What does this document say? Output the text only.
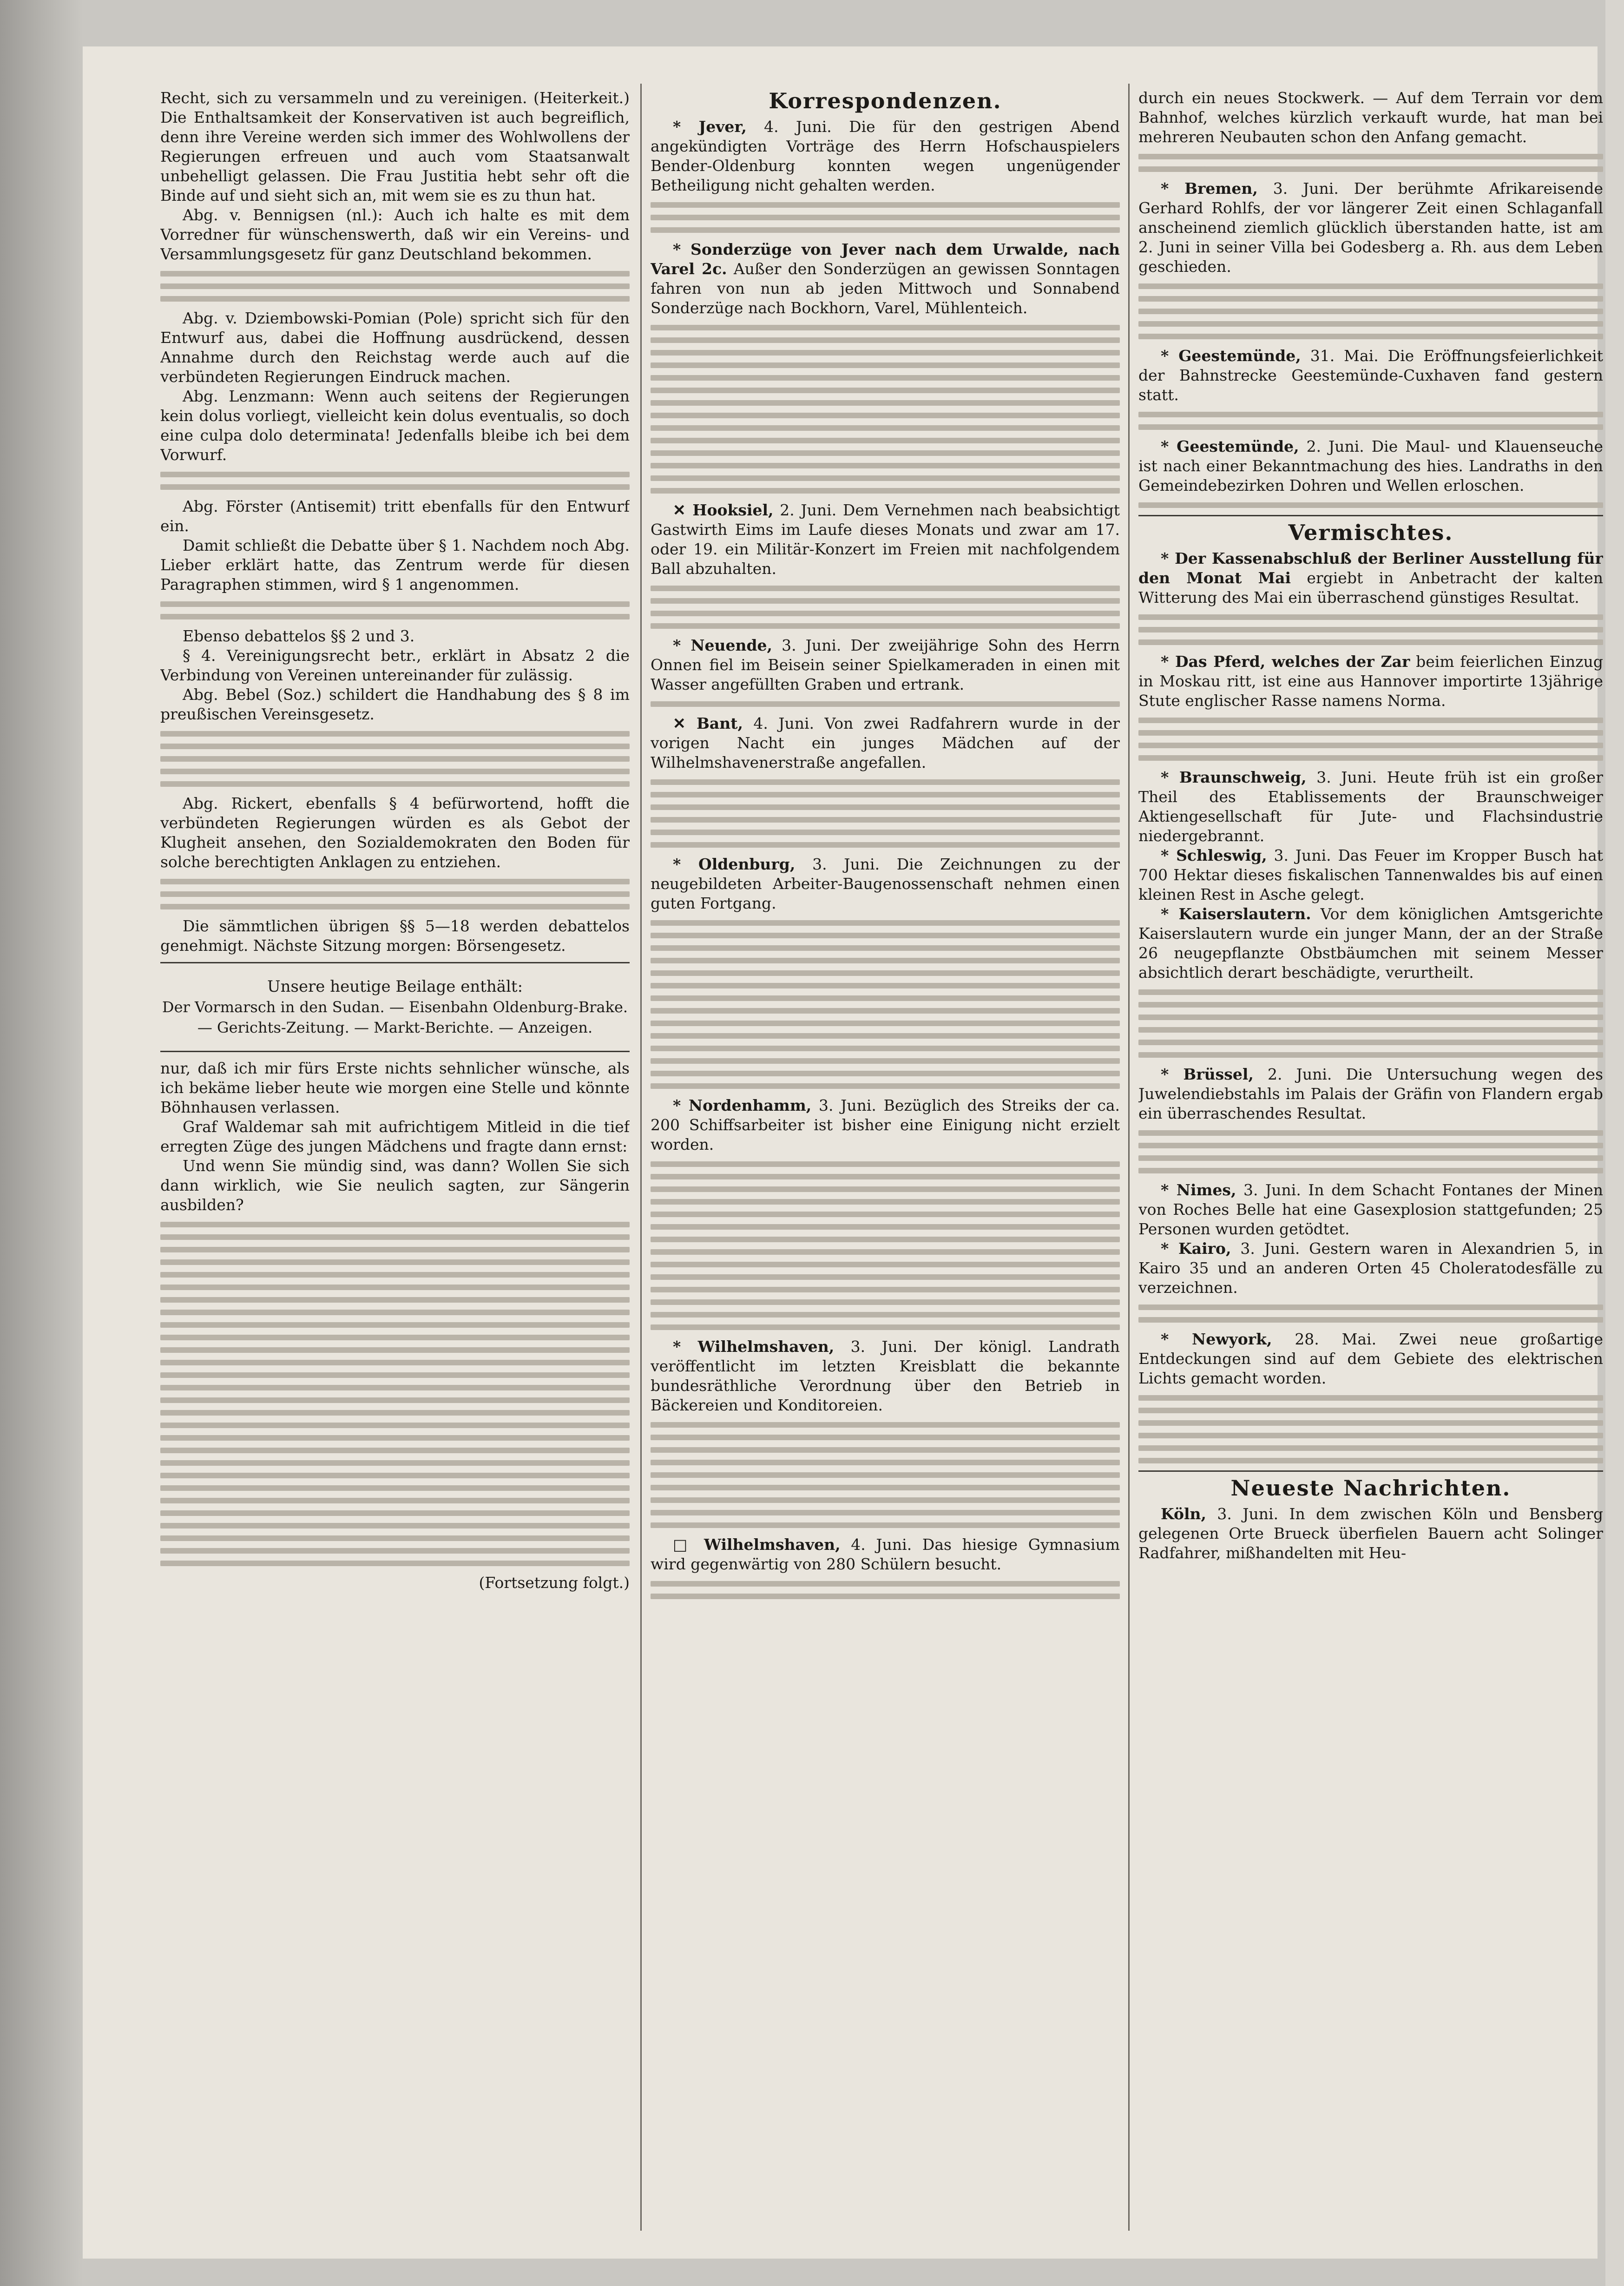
Recht, sich zu versammeln und zu vereinigen. (Heiterkeit.) Die Enthaltsamkeit der Konservativen ist auch begreiflich, denn ihre Vereine werden sich immer des Wohlwollens der Regierungen erfreuen und auch vom Staatsanwalt unbehelligt gelassen. Die Frau Justitia hebt sehr oft die Binde auf und sieht sich an, mit wem sie es zu thun hat.

Abg. v. Bennigsen (nl.): Auch ich halte es mit dem Vorredner für wünschenswerth, daß wir ein Vereins- und Versammlungsgesetz für ganz Deutschland bekommen.

Abg. v. Dziembowski-Pomian (Pole) spricht sich für den Entwurf aus, dabei die Hoffnung ausdrückend, dessen Annahme durch den Reichstag werde auch auf die verbündeten Regierungen Eindruck machen.

Abg. Lenzmann: Wenn auch seitens der Regierungen kein dolus vorliegt, vielleicht kein dolus eventualis, so doch eine culpa dolo determinata! Jedenfalls bleibe ich bei dem Vorwurf.

Abg. Förster (Antisemit) tritt ebenfalls für den Entwurf ein.

Damit schließt die Debatte über § 1. Nachdem noch Abg. Lieber erklärt hatte, das Zentrum werde für diesen Paragraphen stimmen, wird § 1 angenommen.

Ebenso debattelos §§ 2 und 3.

§ 4. Vereinigungsrecht betr., erklärt in Absatz 2 die Verbindung von Vereinen untereinander für zulässig.

Abg. Bebel (Soz.) schildert die Handhabung des § 8 im preußischen Vereinsgesetz.

Abg. Rickert, ebenfalls § 4 befürwortend, hofft die verbündeten Regierungen würden es als Gebot der Klugheit ansehen, den Sozialdemokraten den Boden für solche berechtigten Anklagen zu entziehen.

Die sämmtlichen übrigen §§ 5—18 werden debattelos genehmigt. Nächste Sitzung morgen: Börsengesetz.

Unsere heutige Beilage enthält:
Der Vormarsch in den Sudan. — Eisenbahn Oldenburg-Brake. — Gerichts-Zeitung. — Markt-Berichte. — Anzeigen.

nur, daß ich mir fürs Erste nichts sehnlicher wünsche, als ich bekäme lieber heute wie morgen eine Stelle und könnte Böhnhausen verlassen.

Graf Waldemar sah mit aufrichtigem Mitleid in die tief erregten Züge des jungen Mädchens und fragte dann ernst:

Und wenn Sie mündig sind, was dann? Wollen Sie sich dann wirklich, wie Sie neulich sagten, zur Sängerin ausbilden?

(Fortsetzung folgt.)
Korrespondenzen.

* Jever, 4. Juni. Die für den gestrigen Abend angekündigten Vorträge des Herrn Hofschauspielers Bender-Oldenburg konnten wegen ungenügender Betheiligung nicht gehalten werden.

* Sonderzüge von Jever nach dem Urwalde, nach Varel 2c. Außer den Sonderzügen an gewissen Sonntagen fahren von nun ab jeden Mittwoch und Sonnabend Sonderzüge nach Bockhorn, Varel, Mühlenteich.

✕ Hooksiel, 2. Juni. Dem Vernehmen nach beabsichtigt Gastwirth Eims im Laufe dieses Monats und zwar am 17. oder 19. ein Militär-Konzert im Freien mit nachfolgendem Ball abzuhalten.

* Neuende, 3. Juni. Der zweijährige Sohn des Herrn Onnen fiel im Beisein seiner Spielkameraden in einen mit Wasser angefüllten Graben und ertrank.

✕ Bant, 4. Juni. Von zwei Radfahrern wurde in der vorigen Nacht ein junges Mädchen auf der Wilhelmshavenerstraße angefallen.

* Oldenburg, 3. Juni. Die Zeichnungen zu der neugebildeten Arbeiter-Baugenossenschaft nehmen einen guten Fortgang.

* Nordenhamm, 3. Juni. Bezüglich des Streiks der ca. 200 Schiffsarbeiter ist bisher eine Einigung nicht erzielt worden.

* Wilhelmshaven, 3. Juni. Der königl. Landrath veröffentlicht im letzten Kreisblatt die bekannte bundesräthliche Verordnung über den Betrieb in Bäckereien und Konditoreien.

□ Wilhelmshaven, 4. Juni. Das hiesige Gymnasium wird gegenwärtig von 280 Schülern besucht.

durch ein neues Stockwerk. — Auf dem Terrain vor dem Bahnhof, welches kürzlich verkauft wurde, hat man bei mehreren Neubauten schon den Anfang gemacht.

* Bremen, 3. Juni. Der berühmte Afrikareisende Gerhard Rohlfs, der vor längerer Zeit einen Schlaganfall anscheinend ziemlich glücklich überstanden hatte, ist am 2. Juni in seiner Villa bei Godesberg a. Rh. aus dem Leben geschieden.

* Geestemünde, 31. Mai. Die Eröffnungsfeierlichkeit der Bahnstrecke Geestemünde-Cuxhaven fand gestern statt.

* Geestemünde, 2. Juni. Die Maul- und Klauenseuche ist nach einer Bekanntmachung des hies. Landraths in den Gemeindebezirken Dohren und Wellen erloschen.

Vermischtes.

* Der Kassenabschluß der Berliner Ausstellung für den Monat Mai ergiebt in Anbetracht der kalten Witterung des Mai ein überraschend günstiges Resultat.

* Das Pferd, welches der Zar beim feierlichen Einzug in Moskau ritt, ist eine aus Hannover importirte 13jährige Stute englischer Rasse namens Norma.

* Braunschweig, 3. Juni. Heute früh ist ein großer Theil des Etablissements der Braunschweiger Aktiengesellschaft für Jute- und Flachsindustrie niedergebrannt.

* Schleswig, 3. Juni. Das Feuer im Kropper Busch hat 700 Hektar dieses fiskalischen Tannenwaldes bis auf einen kleinen Rest in Asche gelegt.

* Kaiserslautern. Vor dem königlichen Amtsgerichte Kaiserslautern wurde ein junger Mann, der an der Straße 26 neugepflanzte Obstbäumchen mit seinem Messer absichtlich derart beschädigte, verurtheilt.

* Brüssel, 2. Juni. Die Untersuchung wegen des Juwelendiebstahls im Palais der Gräfin von Flandern ergab ein überraschendes Resultat.

* Nimes, 3. Juni. In dem Schacht Fontanes der Minen von Roches Belle hat eine Gasexplosion stattgefunden; 25 Personen wurden getödtet.

* Kairo, 3. Juni. Gestern waren in Alexandrien 5, in Kairo 35 und an anderen Orten 45 Choleratodesfälle zu verzeichnen.

* Newyork, 28. Mai. Zwei neue großartige Entdeckungen sind auf dem Gebiete des elektrischen Lichts gemacht worden.

Neueste Nachrichten.

Köln, 3. Juni. In dem zwischen Köln und Bensberg gelegenen Orte Brueck überfielen Bauern acht Solinger Radfahrer, mißhandelten mit Heu-
